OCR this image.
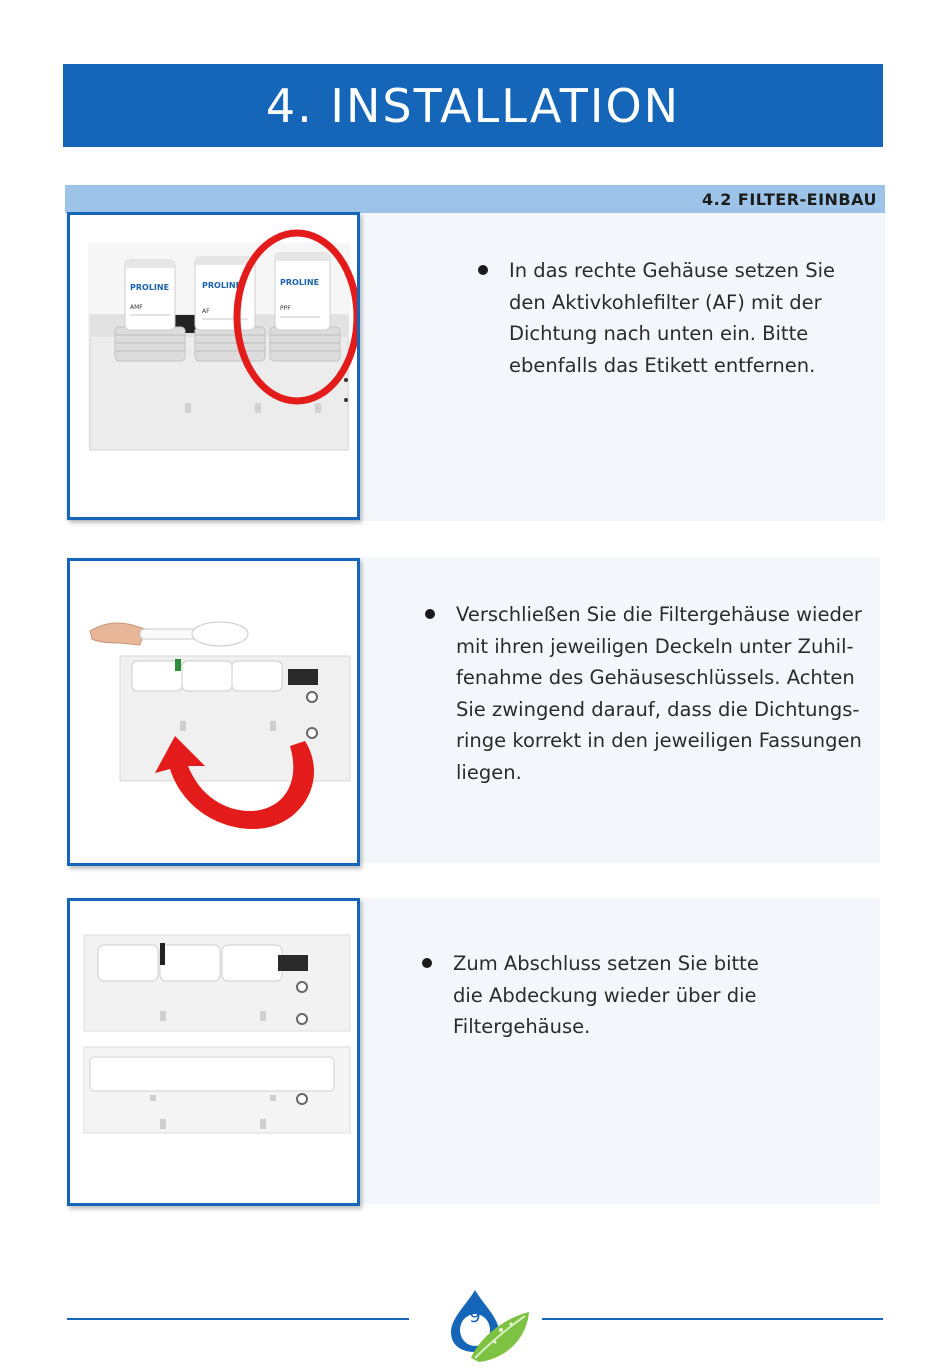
4. INSTALLATION
4.2 FILTER-EINBAU
PROLINE	PROLINE	PROLINE
AMF
AF	PPF
In das rechte Gehäuse setzen Sie
den Aktivkohlefilter (AF) mit der
Dichtung nach unten ein. Bitte
ebenfalls das Etikett entfernen.
Verschließen Sie die Filtergehäuse wieder
mit ihren jeweiligen Deckeln unter Zuhil-
fenahme des Gehäuseschlüssels. Achten
Sie zwingend darauf, dass die Dichtungs-
ringe korrekt in den jeweiligen Fassungen
liegen.
Zum Abschluss setzen Sie bitte
die Abdeckung wieder über die
Filtergehäuse.
9
